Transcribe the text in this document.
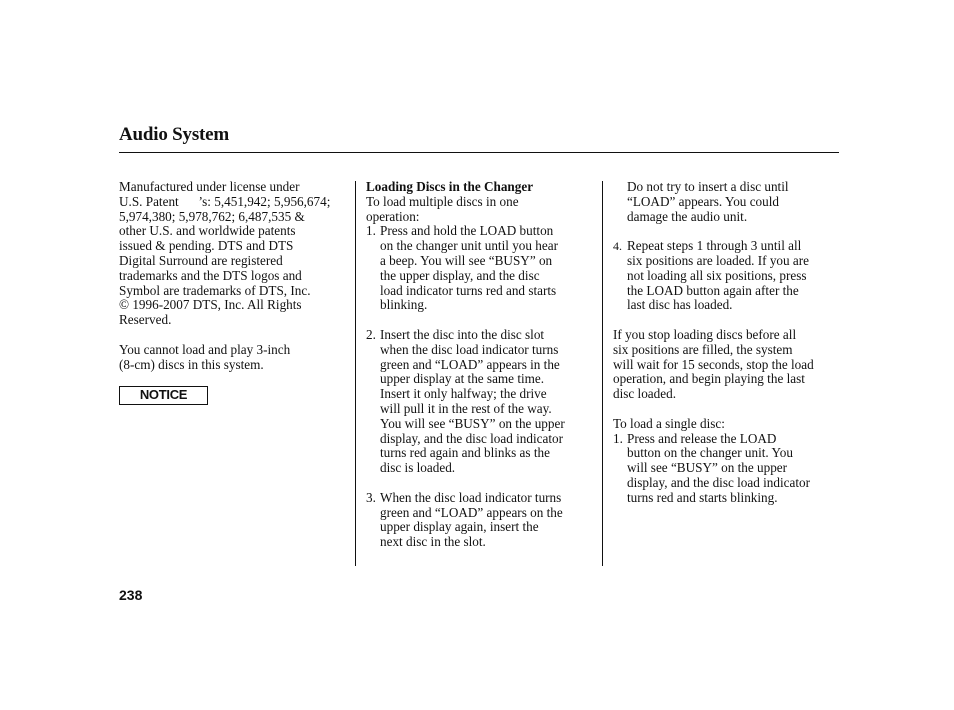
Audio System

Manufactured under license under

U.S. Patent      ’s: 5,451,942; 5,956,674;

5,974,380; 5,978,762; 6,487,535 &

other U.S. and worldwide patents

issued & pending. DTS and DTS

Digital Surround are registered

trademarks and the DTS logos and

Symbol are trademarks of DTS, Inc.

© 1996-2007 DTS, Inc. All Rights

Reserved.

You cannot load and play 3-inch

(8-cm) discs in this system.

NOTICE

Loading Discs in the Changer

To load multiple discs in one

operation:

1. Press and hold the LOAD button

on the changer unit until you hear

a beep. You will see “BUSY” on

the upper display, and the disc

load indicator turns red and starts

blinking.

2. Insert the disc into the disc slot

when the disc load indicator turns

green and “LOAD” appears in the

upper display at the same time.

Insert it only halfway; the drive

will pull it in the rest of the way.

You will see “BUSY” on the upper

display, and the disc load indicator

turns red again and blinks as the

disc is loaded.

3. When the disc load indicator turns

green and “LOAD” appears on the

upper display again, insert the

next disc in the slot.

Do not try to insert a disc until

“LOAD” appears. You could

damage the audio unit.

4. Repeat steps 1 through 3 until all

six positions are loaded. If you are

not loading all six positions, press

the LOAD button again after the

last disc has loaded.

If you stop loading discs before all

six positions are filled, the system

will wait for 15 seconds, stop the load

operation, and begin playing the last

disc loaded.

To load a single disc:

1. Press and release the LOAD

button on the changer unit. You

will see “BUSY” on the upper

display, and the disc load indicator

turns red and starts blinking.

238
